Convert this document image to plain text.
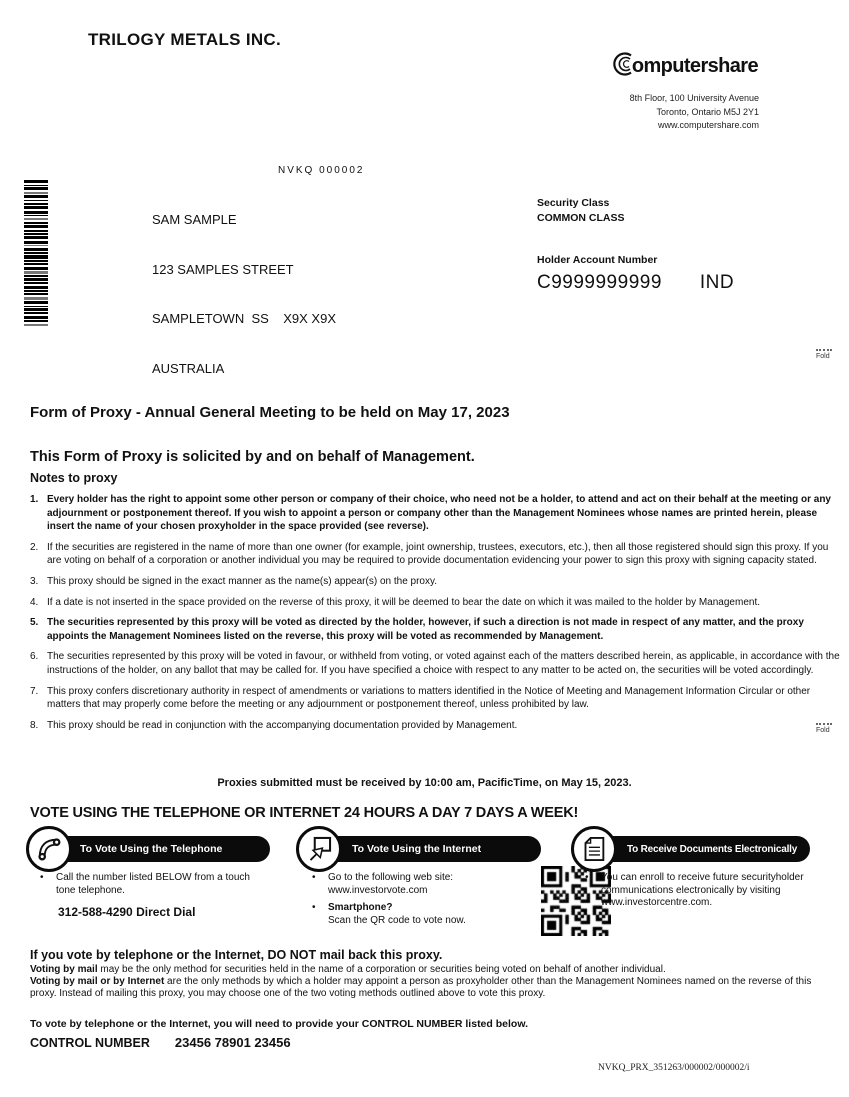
TRILOGY METALS INC.
omputershare
8th Floor, 100 University Avenue
Toronto, Ontario M5J 2Y1
www.computershare.com
NVKQ 000002

SAM SAMPLE

123 SAMPLES STREET

SAMPLETOWN  SS    X9X X9X

AUSTRALIA

Security Class
COMMON CLASS
Holder Account Number
C9999999999 IND
Fold
Fold
Form of Proxy - Annual General Meeting to be held on May 17, 2023
This Form of Proxy is solicited by and on behalf of Management.
Notes to proxy
1. Every holder has the right to appoint some other person or company of their choice, who need not be a holder, to attend and act on their behalf at the meeting or any adjournment or postponement thereof. If you wish to appoint a person or company other than the Management Nominees whose names are printed herein, please insert the name of your chosen proxyholder in the space provided (see reverse).
2. If the securities are registered in the name of more than one owner (for example, joint ownership, trustees, executors, etc.), then all those registered should sign this proxy. If you are voting on behalf of a corporation or another individual you may be required to provide documentation evidencing your power to sign this proxy with signing capacity stated.
3. This proxy should be signed in the exact manner as the name(s) appear(s) on the proxy.
4. If a date is not inserted in the space provided on the reverse of this proxy, it will be deemed to bear the date on which it was mailed to the holder by Management.
5. The securities represented by this proxy will be voted as directed by the holder, however, if such a direction is not made in respect of any matter, and the proxy appoints the Management Nominees listed on the reverse, this proxy will be voted as recommended by Management.
6. The securities represented by this proxy will be voted in favour, or withheld from voting, or voted against each of the matters described herein, as applicable, in accordance with the instructions of the holder, on any ballot that may be called for. If you have specified a choice with respect to any matter to be acted on, the securities will be voted accordingly.
7. This proxy confers discretionary authority in respect of amendments or variations to matters identified in the Notice of Meeting and Management Information Circular or other matters that may properly come before the meeting or any adjournment or postponement thereof, unless prohibited by law.
8. This proxy should be read in conjunction with the accompanying documentation provided by Management.
Proxies submitted must be received by 10:00 am, PacificTime, on May 15, 2023.
VOTE USING THE TELEPHONE OR INTERNET 24 HOURS A DAY 7 DAYS A WEEK!
To Vote Using the Telephone
•	Call the number listed BELOW from a touch tone telephone.
312-588-4290 Direct Dial
To Vote Using the Internet
•	Go to the following web site:
www.investorvote.com
•	Smartphone?
Scan the QR code to vote now.
To Receive Documents Electronically
•	You can enroll to receive future securityholder communications electronically by visiting www.investorcentre.com.
If you vote by telephone or the Internet, DO NOT mail back this proxy.
Voting by mail may be the only method for securities held in the name of a corporation or securities being voted on behalf of another individual.
Voting by mail or by Internet are the only methods by which a holder may appoint a person as proxyholder other than the Management Nominees named on the reverse of this proxy. Instead of mailing this proxy, you may choose one of the two voting methods outlined above to vote this proxy.
To vote by telephone or the Internet, you will need to provide your CONTROL NUMBER listed below.
CONTROL NUMBER 23456 78901 23456
NVKQ_PRX_351263/000002/000002/i
